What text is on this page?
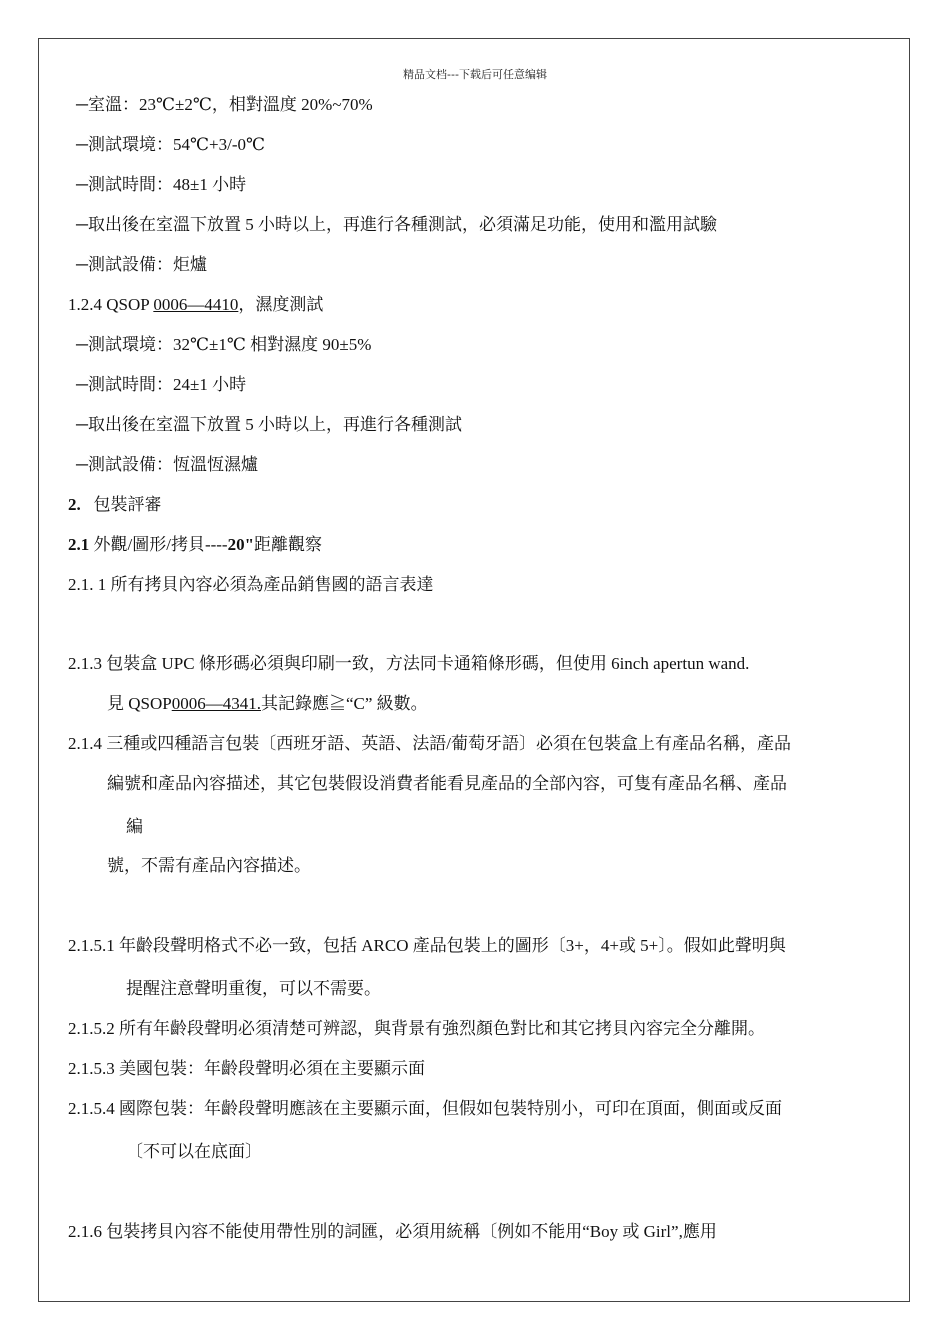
精品文档---下载后可任意编辑
─室溫：23℃±2℃，相對溫度 20%~70%
─測試環境：54℃+3/-0℃
─測試時間：48±1 小時
─取出後在室溫下放置 5 小時以上，再進行各種測試，必須滿足功能，使用和濫用試驗
─測試設備：炬爐
1.2.4 QSOP 0006—4410，濕度測試
─測試環境：32℃±1℃ 相對濕度 90±5%
─測試時間：24±1 小時
─取出後在室溫下放置 5 小時以上，再進行各種測試
─測試設備：恆溫恆濕爐
2. 包裝評審
2.1 外觀/圖形/拷貝----20"距離觀察
2.1. 1 所有拷貝內容必須為產品銷售國的語言表達
2.1.3 包裝盒 UPC 條形碼必須與印刷一致，方法同卡通箱條形碼，但使用 6inch apertun wand.
見 QSOP0006—4341.其記錄應≧“C” 級數。
2.1.4 三種或四種語言包裝〔西班牙語、英語、法語/葡萄牙語〕必須在包裝盒上有產品名稱，產品
編號和產品內容描述，其它包裝假设消費者能看見產品的全部內容，可隻有產品名稱、產品
編
號，不需有產品內容描述。
2.1.5.1 年齡段聲明格式不必一致，包括 ARCO 產品包裝上的圖形〔3+，4+或 5+〕。假如此聲明與
提醒注意聲明重復，可以不需要。
2.1.5.2 所有年齡段聲明必須清楚可辨認，與背景有強烈顏色對比和其它拷貝內容完全分離開。
2.1.5.3 美國包裝：年齡段聲明必須在主要顯示面
2.1.5.4 國際包裝：年齡段聲明應該在主要顯示面，但假如包裝特別小，可印在頂面，側面或反面
〔不可以在底面〕
2.1.6 包裝拷貝內容不能使用帶性別的詞匯，必須用統稱〔例如不能用“Boy 或 Girl”,應用
